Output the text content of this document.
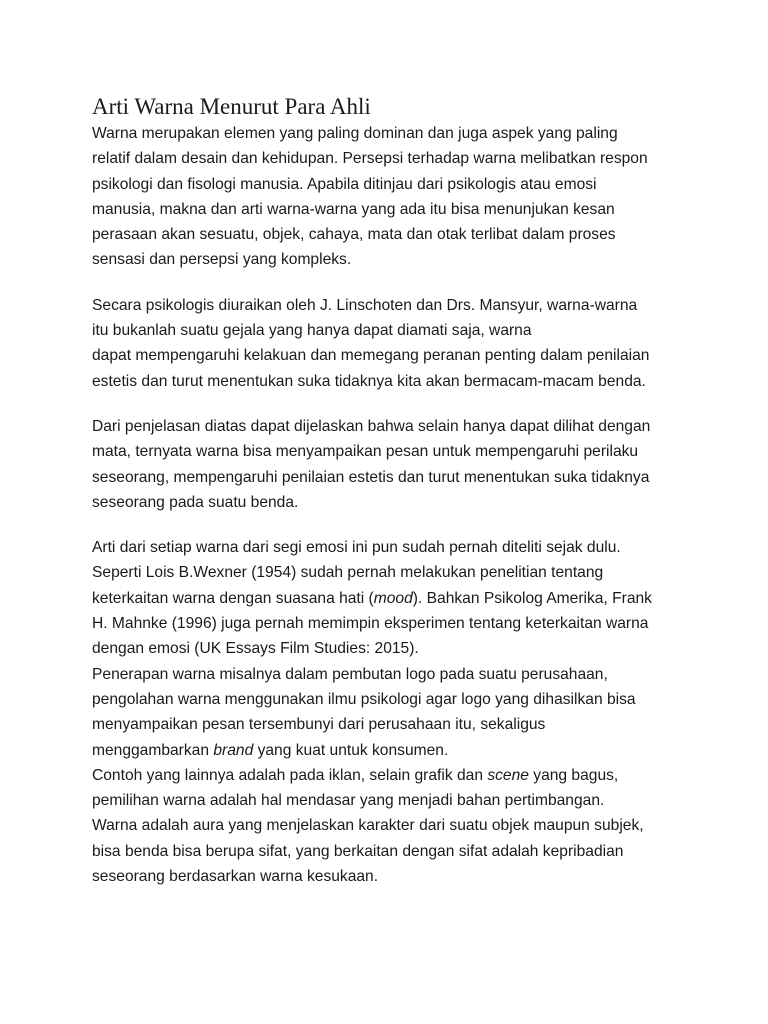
Arti Warna Menurut Para Ahli
Warna merupakan elemen yang paling dominan dan juga aspek yang paling
relatif dalam desain dan kehidupan. Persepsi terhadap warna melibatkan respon
psikologi dan fisologi manusia. Apabila ditinjau dari psikologis atau emosi
manusia, makna dan arti warna-warna yang ada itu bisa menunjukan kesan
perasaan akan sesuatu, objek, cahaya, mata dan otak terlibat dalam proses
sensasi dan persepsi yang kompleks.
Secara psikologis diuraikan oleh J. Linschoten dan Drs. Mansyur, warna-warna
itu bukanlah suatu gejala yang hanya dapat diamati saja, warna
dapat mempengaruhi kelakuan dan memegang peranan penting dalam penilaian
estetis dan turut menentukan suka tidaknya kita akan bermacam-macam benda.
Dari penjelasan diatas dapat dijelaskan bahwa selain hanya dapat dilihat dengan
mata, ternyata warna bisa menyampaikan pesan untuk mempengaruhi perilaku
seseorang, mempengaruhi penilaian estetis dan turut menentukan suka tidaknya
seseorang pada suatu benda.
Arti dari setiap warna dari segi emosi ini pun sudah pernah diteliti sejak dulu.
Seperti Lois B.Wexner (1954) sudah pernah melakukan penelitian tentang
keterkaitan warna dengan suasana hati (mood). Bahkan Psikolog Amerika, Frank
H. Mahnke (1996) juga pernah memimpin eksperimen tentang keterkaitan warna
dengan emosi (UK Essays Film Studies: 2015).
Penerapan warna misalnya dalam pembutan logo pada suatu perusahaan,
pengolahan warna menggunakan ilmu psikologi agar logo yang dihasilkan bisa
menyampaikan pesan tersembunyi dari perusahaan itu, sekaligus
menggambarkan brand yang kuat untuk konsumen.
Contoh yang lainnya adalah pada iklan, selain grafik dan scene yang bagus,
pemilihan warna adalah hal mendasar yang menjadi bahan pertimbangan.
Warna adalah aura yang menjelaskan karakter dari suatu objek maupun subjek,
bisa benda bisa berupa sifat, yang berkaitan dengan sifat adalah kepribadian
seseorang berdasarkan warna kesukaan.
